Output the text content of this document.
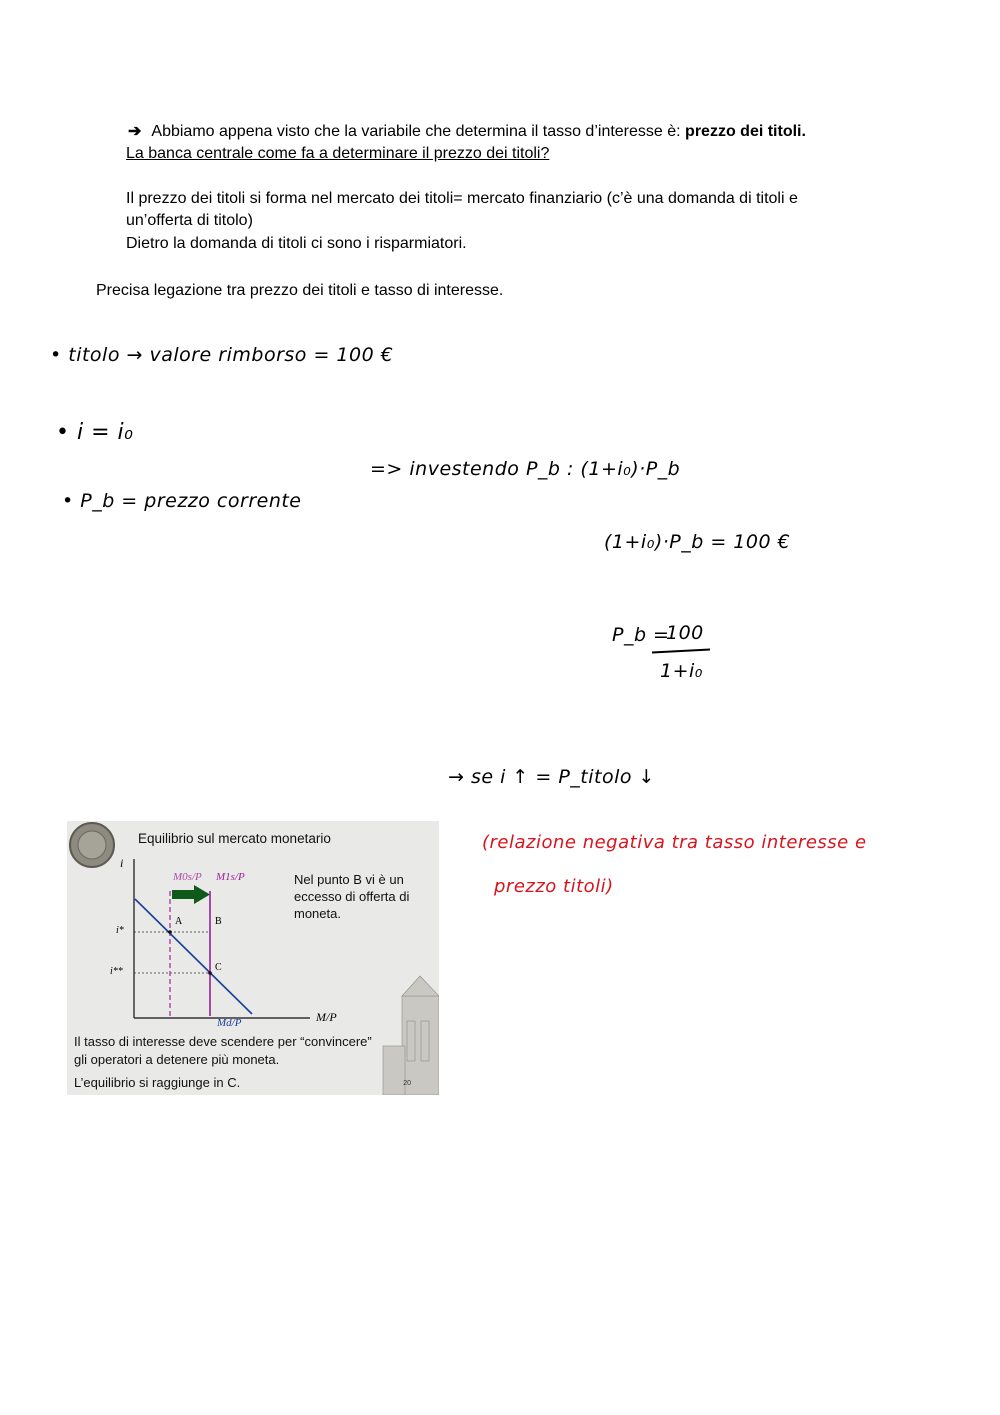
➔ Abbiamo appena visto che la variabile che determina il tasso d’interesse è: prezzo dei titoli.
La banca centrale come fa a determinare il prezzo dei titoli?
Il prezzo dei titoli si forma nel mercato dei titoli= mercato finanziario (c’è una domanda di titoli e
un’offerta di titolo)
Dietro la domanda di titoli ci sono i risparmiatori.
Precisa legazione tra prezzo dei titoli e tasso di interesse.
• titolo → valore rimborso = 100 €
• i = i₀
• P_b = prezzo corrente
=> investendo P_b : (1+i₀)·P_b
(1+i₀)·P_b = 100 €
P_b =
100
1+i₀
→ se i ↑ = P_titolo ↓
(relazione negativa tra tasso interesse e
prezzo titoli)
Equilibrio sul mercato monetario
Nel punto B vi è un eccesso di offerta di moneta.
i
i*
i**
M/P
M0s/P M1s/P
Md/P
A	B
C
Il tasso di interesse deve scendere per “convincere”
gli operatori a detenere più moneta.
L’equilibrio si raggiunge in C.	20
